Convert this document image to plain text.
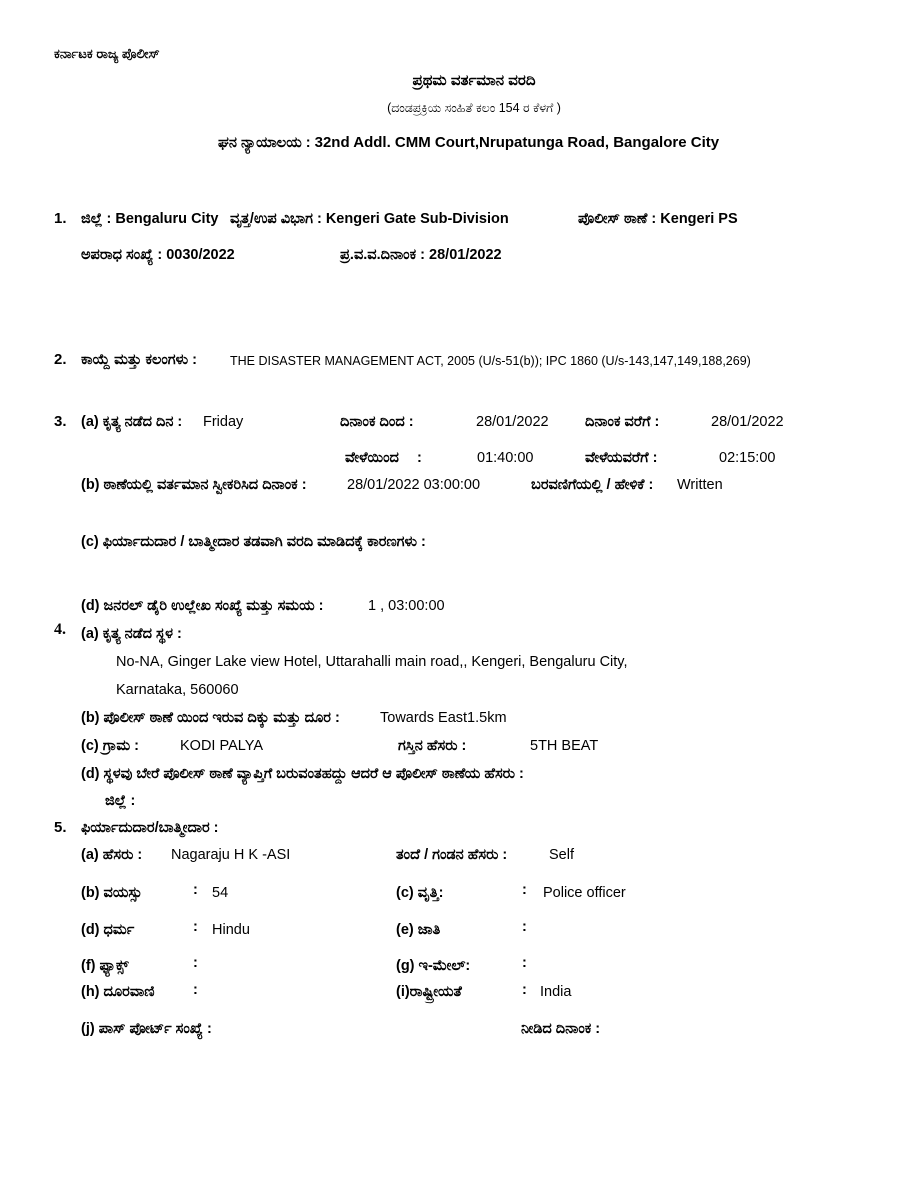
ಕರ್ನಾಟಕ ರಾಜ್ಯ ಪೊಲೀಸ್
ಪ್ರಥಮ ವರ್ತಮಾನ ವರದಿ
(ದಂಡಪ್ರಕ್ರಿಯ ಸಂಹಿತೆ ಕಲಂ 154 ರ ಕೆಳಗೆ )
ಘನ ನ್ಯಾಯಾಲಯ : 32nd Addl. CMM Court,Nrupatunga Road, Bangalore City
1. ಜಿಲ್ಲೆ : Bengaluru City ವೃತ್ತ/ಉಪ ವಿಭಾಗ : Kengeri Gate Sub-Division	ಪೊಲೀಸ್ ಠಾಣೆ : Kengeri PS
ಅಪರಾಧ ಸಂಖ್ಯೆ : 0030/2022	ಪ್ರ.ವ.ವ.ದಿನಾಂಕ : 28/01/2022
2. ಕಾಯ್ದೆ ಮತ್ತು ಕಲಂಗಳು :	THE DISASTER MANAGEMENT ACT, 2005 (U/s-51(b)); IPC 1860 (U/s-143,147,149,188,269)
3. (a) ಕೃತ್ಯ ನಡೆದ ದಿನ : Friday	ದಿನಾಂಕ ದಿಂದ :	28/01/2022	ದಿನಾಂಕ ವರೆಗೆ :	28/01/2022
ವೇಳೆಯಿಂದ :	01:40:00	ವೇಳೆಯವರೆಗೆ :	02:15:00
(b) ಠಾಣೆಯಲ್ಲಿ ವರ್ತಮಾನ ಸ್ವೀಕರಿಸಿದ ದಿನಾಂಕ :	28/01/2022 03:00:00	ಬರವಣಿಗೆಯಲ್ಲಿ / ಹೇಳಿಕೆ : Written
(c) ಫಿರ್ಯಾದುದಾರ / ಬಾತ್ಮೀದಾರ ತಡವಾಗಿ ವರದಿ ಮಾಡಿದಕ್ಕೆ ಕಾರಣಗಳು :
(d) ಜನರಲ್ ಡೈರಿ ಉಲ್ಲೇಖ ಸಂಖ್ಯೆ ಮತ್ತು ಸಮಯ :	1 , 03:00:00
4. (a) ಕೃತ್ಯ ನಡೆದ ಸ್ಥಳ :
No-NA, Ginger Lake view Hotel, Uttarahalli main road,, Kengeri, Bengaluru City,
Karnataka, 560060
(b) ಪೊಲೀಸ್ ಠಾಣೆ ಯಿಂದ ಇರುವ ದಿಕ್ಕು ಮತ್ತು ದೂರ :	Towards East1.5km
(c) ಗ್ರಾಮ :	KODI PALYA	ಗಸ್ತಿನ ಹೆಸರು :	5TH BEAT
(d) ಸ್ಥಳವು ಬೇರೆ ಪೊಲೀಸ್ ಠಾಣೆ ವ್ಯಾಪ್ತಿಗೆ ಬರುವಂತಹದ್ದು ಆದರೆ ಆ ಪೊಲೀಸ್ ಠಾಣೆಯ ಹೆಸರು :
ಜಿಲ್ಲೆ :
5. ಫಿರ್ಯಾದುದಾರ/ಬಾತ್ಮೀದಾರ :
(a) ಹೆಸರು : Nagaraju H K -ASI	ತಂದೆ / ಗಂಡನ ಹೆಸರು :	Self
(b) ವಯಸ್ಸು	: 54	(c) ವೃತ್ತಿ:	: Police officer
(d) ಧರ್ಮ	: Hindu	(e) ಜಾತಿ	:
(f) ಫ್ಯಾಕ್ಸ್	:	(g) ಇ-ಮೇಲ್:	:
(h) ದೂರವಾಣಿ	:	(i)ರಾಷ್ಟ್ರೀಯತೆ	: India
(j) ಪಾಸ್ ಪೋರ್ಟ್ ಸಂಖ್ಯೆ :	ನೀಡಿದ ದಿನಾಂಕ :
